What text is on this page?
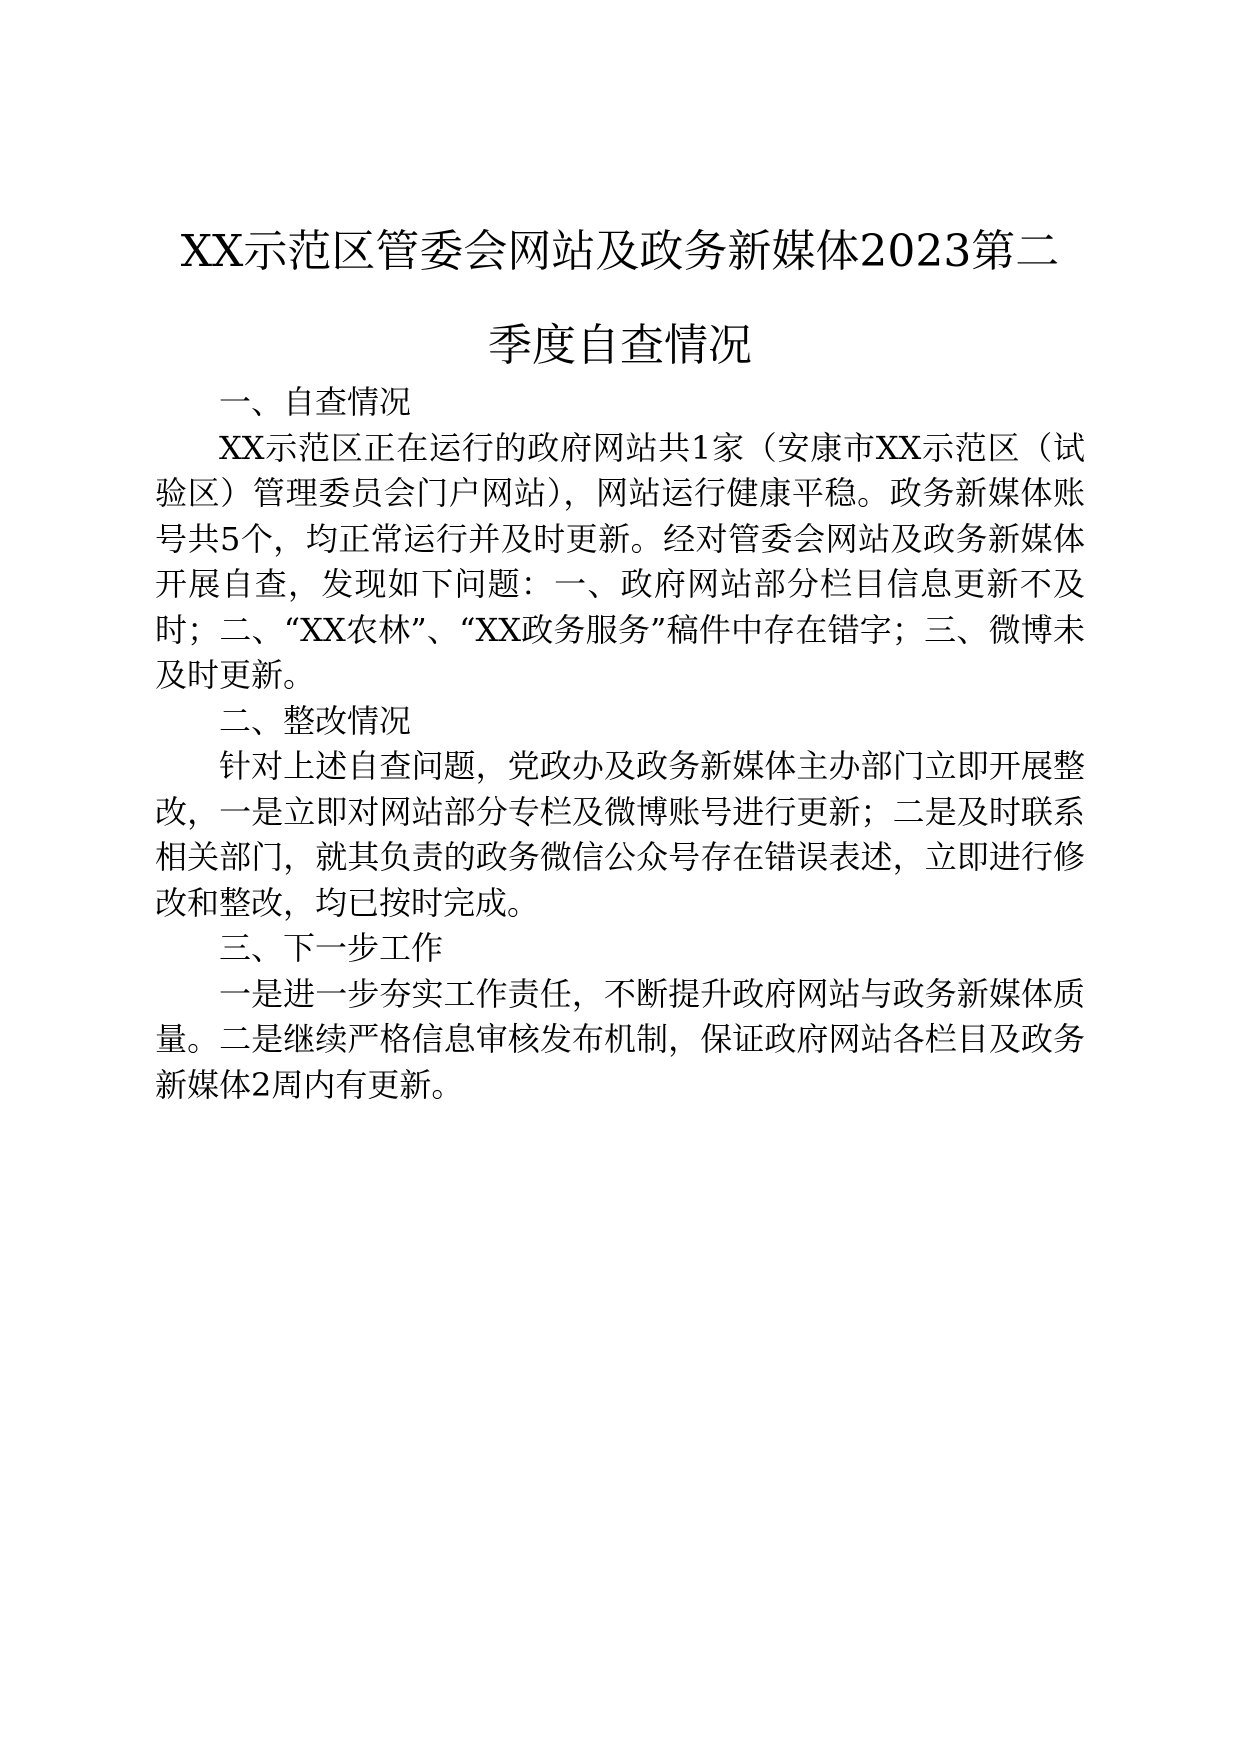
XX示范区管委会网站及政务新媒体2023第二
季度自查情况
一、自查情况

XX示范区正在运行的政府网站共1家（安康市XX示范区（试验区）管理委员会门户网站），网站运行健康平稳。政务新媒体账号共5个，均正常运行并及时更新。经对管委会网站及政务新媒体开展自查，发现如下问题：一、政府网站部分栏目信息更新不及时；二、“XX农林”、“XX政务服务”稿件中存在错字；三、微博未及时更新。

二、整改情况

针对上述自查问题，党政办及政务新媒体主办部门立即开展整改，一是立即对网站部分专栏及微博账号进行更新；二是及时联系相关部门，就其负责的政务微信公众号存在错误表述，立即进行修改和整改，均已按时完成。

三、下一步工作

一是进一步夯实工作责任，不断提升政府网站与政务新媒体质量。二是继续严格信息审核发布机制，保证政府网站各栏目及政务新媒体2周内有更新。
